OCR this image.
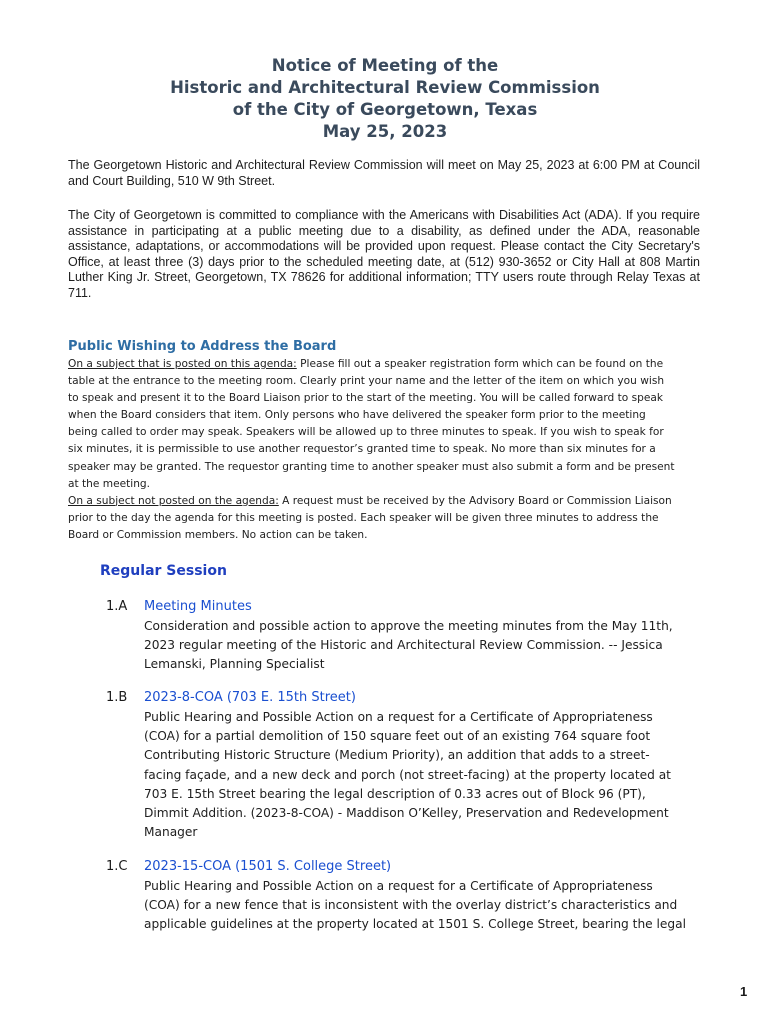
Notice of Meeting of the
Historic and Architectural Review Commission
of the City of Georgetown, Texas
May 25, 2023
The Georgetown Historic and Architectural Review Commission will meet on May 25, 2023 at 6:00 PM at Council and Court Building, 510 W 9th Street.
The City of Georgetown is committed to compliance with the Americans with Disabilities Act (ADA). If you require assistance in participating at a public meeting due to a disability, as defined under the ADA, reasonable assistance, adaptations, or accommodations will be provided upon request. Please contact the City Secretary's Office, at least three (3) days prior to the scheduled meeting date, at (512) 930-3652 or City Hall at 808 Martin Luther King Jr. Street, Georgetown, TX 78626 for additional information; TTY users route through Relay Texas at 711.
Public Wishing to Address the Board
On a subject that is posted on this agenda: Please fill out a speaker registration form which can be found on the
table at the entrance to the meeting room. Clearly print your name and the letter of the item on which you wish
to speak and present it to the Board Liaison prior to the start of the meeting. You will be called forward to speak
when the Board considers that item. Only persons who have delivered the speaker form prior to the meeting
being called to order may speak. Speakers will be allowed up to three minutes to speak. If you wish to speak for
six minutes, it is permissible to use another requestor’s granted time to speak. No more than six minutes for a
speaker may be granted. The requestor granting time to another speaker must also submit a form and be present
at the meeting.
On a subject not posted on the agenda: A request must be received by the Advisory Board or Commission Liaison
prior to the day the agenda for this meeting is posted. Each speaker will be given three minutes to address the
Board or Commission members. No action can be taken.
Regular Session
1.A Meeting Minutes
Consideration and possible action to approve the meeting minutes from the May 11th,
2023 regular meeting of the Historic and Architectural Review Commission. -- Jessica
Lemanski, Planning Specialist
1.B 2023-8-COA (703 E. 15th Street)
Public Hearing and Possible Action on a request for a Certificate of Appropriateness
(COA) for a partial demolition of 150 square feet out of an existing 764 square foot
Contributing Historic Structure (Medium Priority), an addition that adds to a street-
facing façade, and a new deck and porch (not street-facing) at the property located at
703 E. 15th Street bearing the legal description of 0.33 acres out of Block 96 (PT),
Dimmit Addition. (2023-8-COA) - Maddison O’Kelley, Preservation and Redevelopment
Manager
1.C 2023-15-COA (1501 S. College Street)
Public Hearing and Possible Action on a request for a Certificate of Appropriateness
(COA) for a new fence that is inconsistent with the overlay district’s characteristics and
applicable guidelines at the property located at 1501 S. College Street, bearing the legal
1
